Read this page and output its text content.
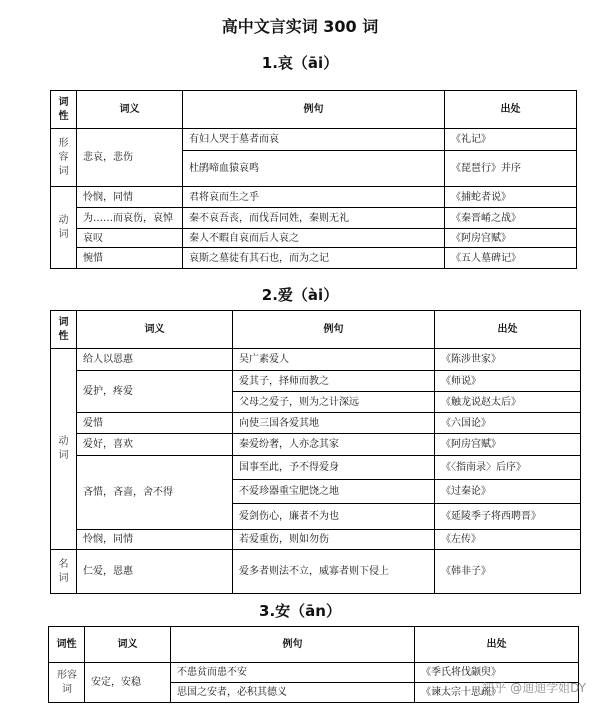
高中文言实词 300 词
1.哀（āi）
词性	词义	例句	出处
形容词	悲哀，悲伤	有妇人哭于墓者而哀	《礼记》
		杜鹃啼血猿哀鸣	《琵琶行》并序
动词	怜悯，同情	君将哀而生之乎	《捕蛇者说》
	为……而哀伤，哀悼	秦不哀吾丧，而伐吾同姓，秦则无礼	《秦晋崤之战》
	哀叹	秦人不暇自哀而后人哀之	《阿房宫赋》
	惋惜	哀斯之墓徒有其石也，而为之记	《五人墓碑记》
2.爱（ài）
词性	词义	例句	出处
动词	给人以恩惠	吴广素爱人	《陈涉世家》
	爱护，疼爱	爱其子，择师而教之	《师说》
		父母之爱子，则为之计深远	《触龙说赵太后》
	爱惜	向使三国各爱其地	《六国论》
	爱好，喜欢	秦爱纷奢，人亦念其家	《阿房宫赋》
	吝惜，吝啬，舍不得	国事至此，予不得爱身	《〈指南录〉后序》
		不爱珍器重宝肥饶之地	《过秦论》
		爱剑伤心，廉者不为也	《延陵季子将西聘晋》
	怜悯，同情	若爱重伤，则如勿伤	《左传》
名词	仁爱，恩惠	爱多者则法不立，威寡者则下侵上	《韩非子》
3.安（ān）
词性	词义	例句	出处
形容词	安定，安稳	不患贫而患不安	《季氏将伐颛臾》
		思国之安者，必积其德义	《谏太宗十思疏》
知乎 @迪迪学姐DY
